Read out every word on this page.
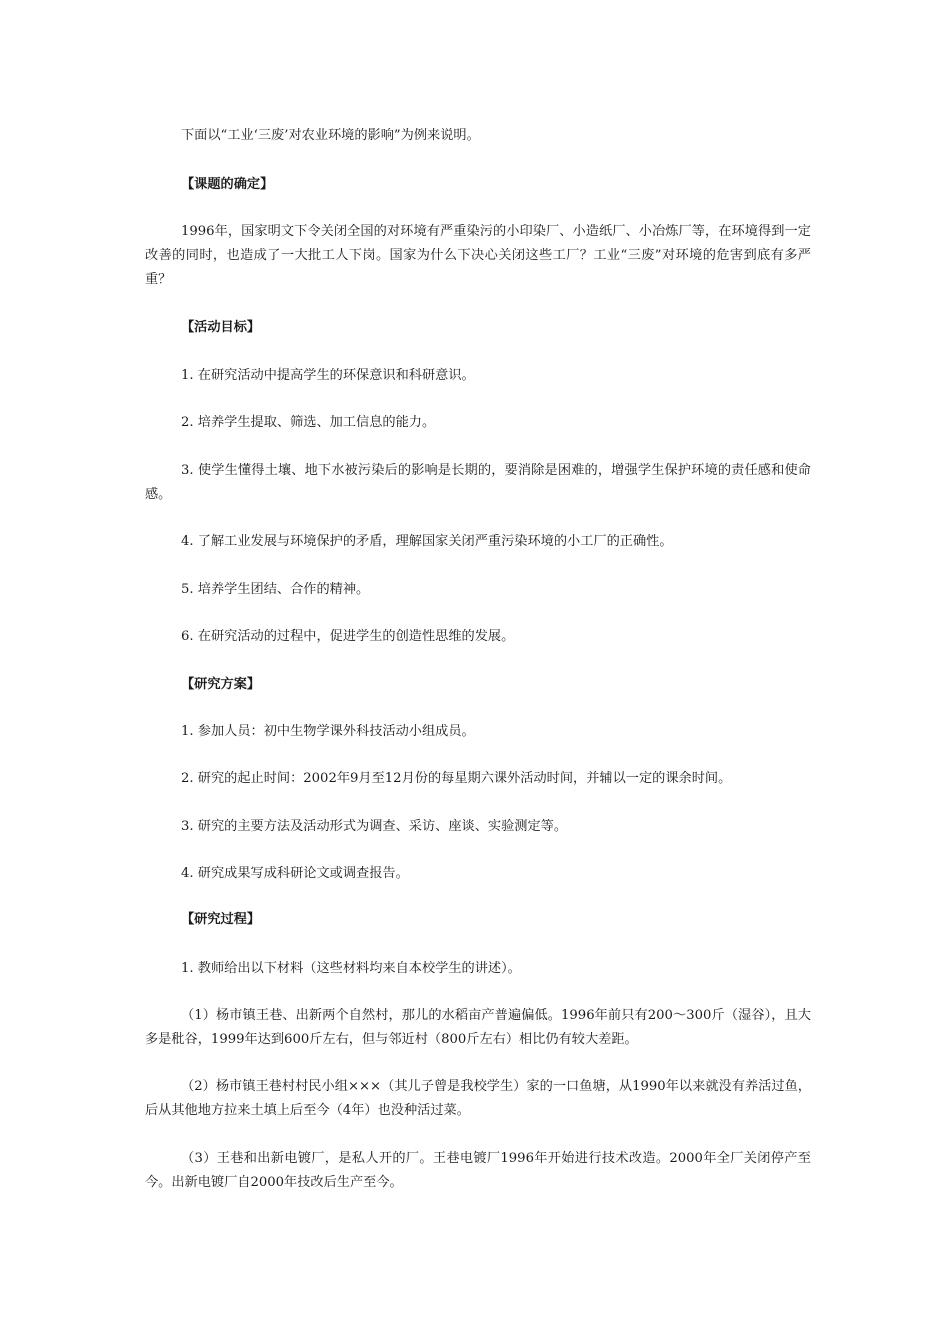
下面以“工业‘三废’对农业环境的影响”为例来说明。

【课题的确定】

1996年，国家明文下令关闭全国的对环境有严重染污的小印染厂、小造纸厂、小冶炼厂等，在环境得到一定改善的同时，也造成了一大批工人下岗。国家为什么下决心关闭这些工厂？工业“三废”对环境的危害到底有多严重？

【活动目标】

1. 在研究活动中提高学生的环保意识和科研意识。

2. 培养学生提取、筛选、加工信息的能力。

3. 使学生懂得土壤、地下水被污染后的影响是长期的，要消除是困难的，增强学生保护环境的责任感和使命感。

4. 了解工业发展与环境保护的矛盾，理解国家关闭严重污染环境的小工厂的正确性。

5. 培养学生团结、合作的精神。

6. 在研究活动的过程中，促进学生的创造性思维的发展。

【研究方案】

1. 参加人员：初中生物学课外科技活动小组成员。

2. 研究的起止时间：2002年9月至12月份的每星期六课外活动时间，并辅以一定的课余时间。

3. 研究的主要方法及活动形式为调查、采访、座谈、实验测定等。

4. 研究成果写成科研论文或调查报告。

【研究过程】

1. 教师给出以下材料（这些材料均来自本校学生的讲述）。

（1）杨市镇王巷、出新两个自然村，那儿的水稻亩产普遍偏低。1996年前只有200～300斤（湿谷），且大多是秕谷，1999年达到600斤左右，但与邻近村（800斤左右）相比仍有较大差距。

（2）杨市镇王巷村村民小组×××（其儿子曾是我校学生）家的一口鱼塘，从1990年以来就没有养活过鱼，后从其他地方拉来土填上后至今（4年）也没种活过菜。

（3）王巷和出新电镀厂，是私人开的厂。王巷电镀厂1996年开始进行技术改造。2000年全厂关闭停产至今。出新电镀厂自2000年技改后生产至今。
